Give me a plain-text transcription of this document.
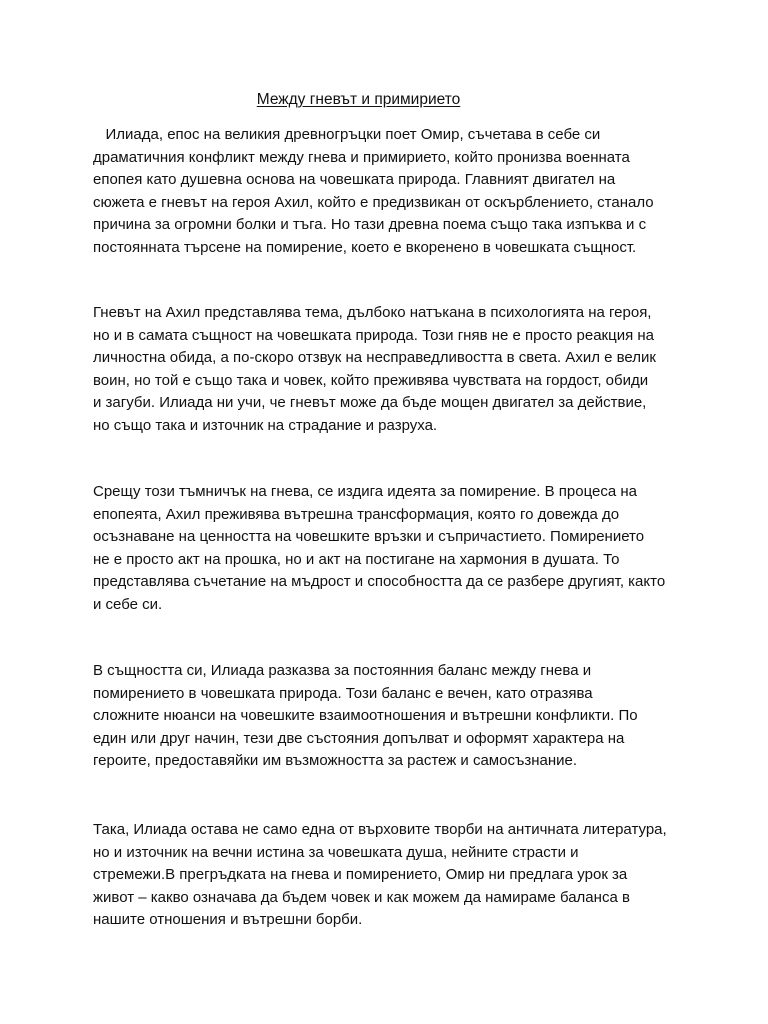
Между гневът и примирието

Илиада, епос на великия древногръцки поет Омир, съчетава в себе си
драматичния конфликт между гнева и примирието, който пронизва военната
епопея като душевна основа на човешката природа. Главният двигател на
сюжета е гневът на героя Ахил, който е предизвикан от оскърблението, станало
причина за огромни болки и тъга. Но тази древна поема също така изпъква и с
постоянната търсене на помирение, което е вкоренено в човешката същност.

Гневът на Ахил представлява тема, дълбоко натъкана в психологията на героя,
но и в самата същност на човешката природа. Този гняв не е просто реакция на
личностна обида, а по-скоро отзвук на несправедливостта в света. Ахил е велик
воин, но той е също така и човек, който преживява чувствата на гордост, обиди
и загуби. Илиада ни учи, че гневът може да бъде мощен двигател за действие,
но също така и източник на страдание и разруха.

Срещу този тъмничък на гнева, се издига идеята за помирение. В процеса на
епопеята, Ахил преживява вътрешна трансформация, която го довежда до
осъзнаване на ценността на човешките връзки и съпричастието. Помирението
не е просто акт на прошка, но и акт на постигане на хармония в душата. То
представлява съчетание на мъдрост и способността да се разбере другият, както
и себе си.

В същността си, Илиада разказва за постоянния баланс между гнева и
помирението в човешката природа. Този баланс е вечен, като отразява
сложните нюанси на човешките взаимоотношения и вътрешни конфликти. По
един или друг начин, тези две състояния допълват и оформят характера на
героите, предоставяйки им възможността за растеж и самосъзнание.

Така, Илиада остава не само една от върховите творби на античната литература,
но и източник на вечни истина за човешката душа, нейните страсти и
стремежи.В прегръдката на гнева и помирението, Омир ни предлага урок за
живот – какво означава да бъдем човек и как можем да намираме баланса в
нашите отношения и вътрешни борби.
